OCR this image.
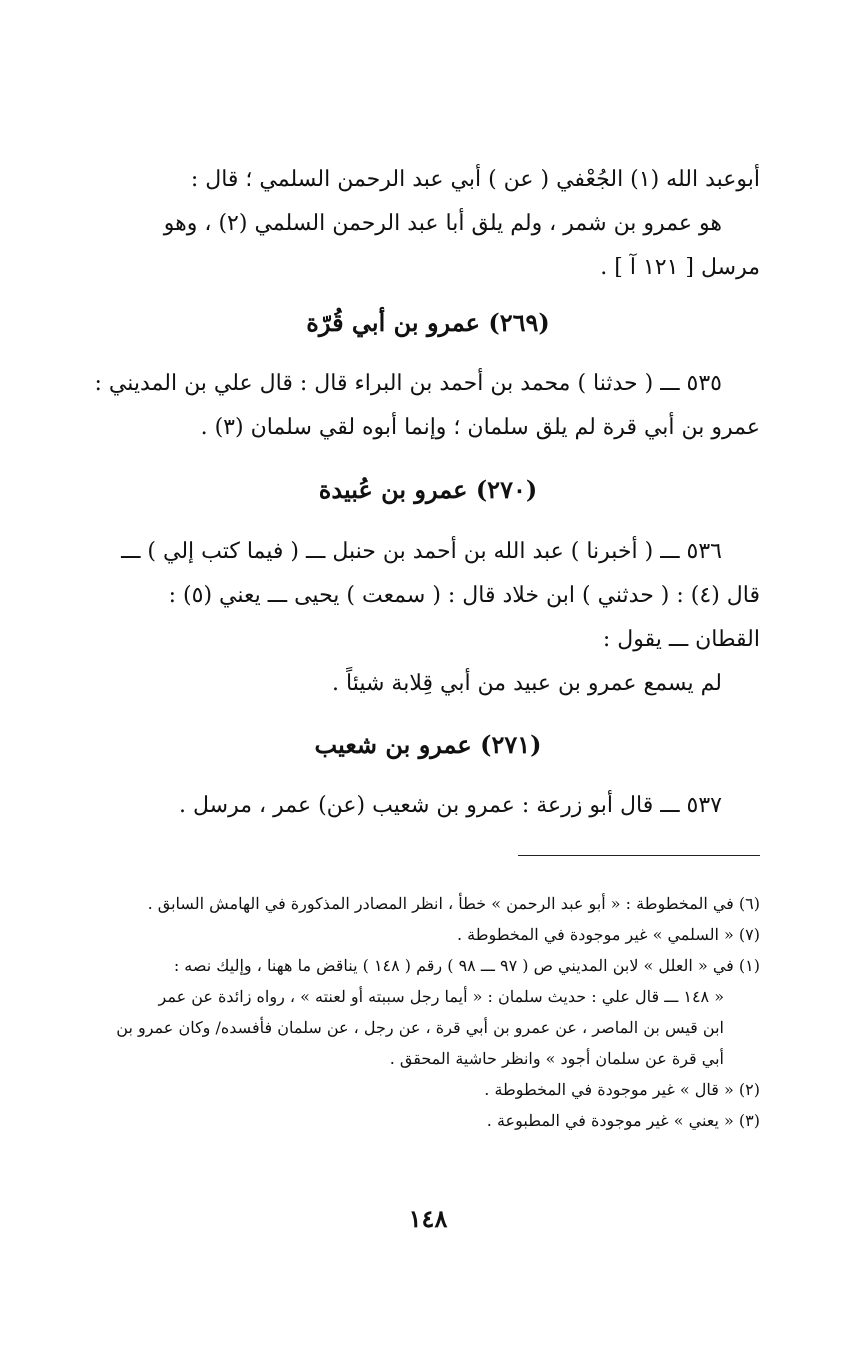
أبوعبد الله (١) الجُعْفي ( عن ) أبي عبد الرحمن السلمي ؛ قال :
هو عمرو بن شمر ، ولم يلق أبا عبد الرحمن السلمي (٢) ، وهو
مرسل [ ١٢١ آ ] .
(٢٦٩) عمرو بن أبي قُرّة
٥٣٥ ـــ ( حدثنا ) محمد بن أحمد بن البراء قال : قال علي بن المديني :
عمرو بن أبي قرة لم يلق سلمان ؛ وإنما أبوه لقي سلمان (٣) .
(٢٧٠) عمرو بن عُبيدة
٥٣٦ ـــ ( أخبرنا ) عبد الله بن أحمد بن حنبل ـــ ( فيما كتب إلي ) ـــ
قال (٤) : ( حدثني ) ابن خلاد قال : ( سمعت ) يحيى ـــ يعني (٥) :
القطان ـــ يقول :
لم يسمع عمرو بن عبيد من أبي قِلابة شيئاً .
(٢٧١) عمرو بن شعيب
٥٣٧ ـــ قال أبو زرعة : عمرو بن شعيب (عن) عمر ، مرسل .
(٦) في المخطوطة : « أبو عبد الرحمن » خطأ ، انظر المصادر المذكورة في الهامش السابق .
(٧) « السلمي » غير موجودة في المخطوطة .
(١) في « العلل » لابن المديني ص ( ٩٧ ـــ ٩٨ ) رقم ( ١٤٨ ) يناقض ما ههنا ، وإليك نصه :
« ١٤٨ ـــ قال علي : حديث سلمان : « أيما رجل سببته أو لعنته » ، رواه زائدة عن عمر
ابن قيس بن الماصر ، عن عمرو بن أبي قرة ، عن رجل ، عن سلمان فأفسده/ وكان عمرو بن
أبي قرة عن سلمان أجود » وانظر حاشية المحقق .
(٢) « قال » غير موجودة في المخطوطة .
(٣) « يعني » غير موجودة في المطبوعة .
١٤٨
